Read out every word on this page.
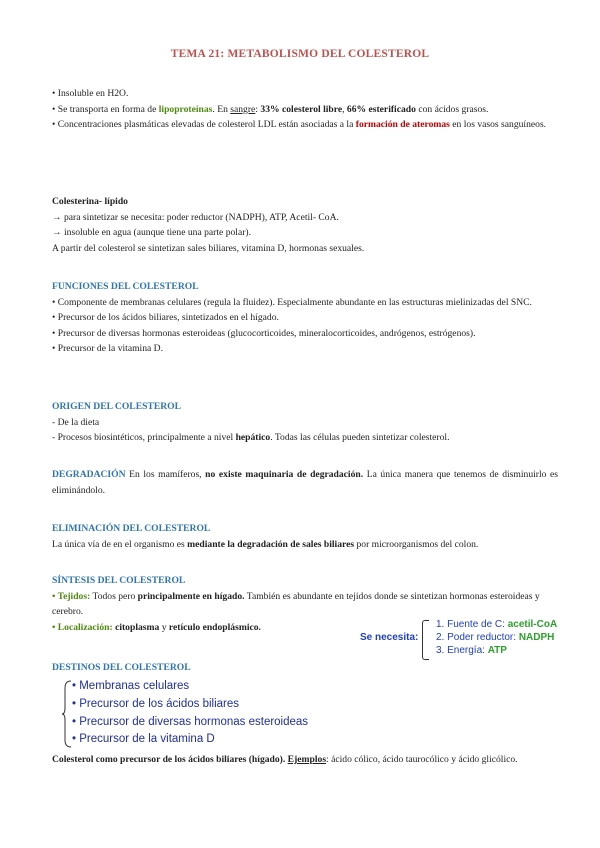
TEMA 21: METABOLISMO DEL COLESTEROL

• Insoluble en H2O.

• Se transporta en forma de lipoproteínas. En sangre: 33% colesterol libre, 66% esterificado con ácidos grasos.

• Concentraciones plasmáticas elevadas de colesterol LDL están asociadas a la formación de ateromas en los vasos sanguíneos.

Colesterina- lípido

→ para sintetizar se necesita: poder reductor (NADPH), ATP, Acetil- CoA.

→ insoluble en agua (aunque tiene una parte polar).

A partir del colesterol se sintetizan sales biliares, vitamina D, hormonas sexuales.

FUNCIONES DEL COLESTEROL

• Componente de membranas celulares (regula la fluidez). Especialmente abundante en las estructuras mielinizadas del SNC.

• Precursor de los ácidos biliares, sintetizados en el hígado.

• Precursor de diversas hormonas esteroideas (glucocorticoides, mineralocorticoides, andrógenos, estrógenos).

• Precursor de la vitamina D.

ORIGEN DEL COLESTEROL

- De la dieta

- Procesos biosintéticos, principalmente a nivel hepático. Todas las células pueden sintetizar colesterol.

DEGRADACIÓN En los mamíferos, no existe maquinaria de degradación. La única manera que tenemos de disminuirlo es eliminándolo.

ELIMINACIÓN DEL COLESTEROL

La única vía de en el organismo es mediante la degradación de sales biliares por microorganismos del colon.

SÍNTESIS DEL COLESTEROL

• Tejidos: Todos pero principalmente en hígado. También es abundante en tejidos donde se sintetizan hormonas esteroideas y cerebro.

• Localización: citoplasma y retículo endoplásmico.

Se necesita:
1. Fuente de C: acetil-CoA
2. Poder reductor: NADPH
3. Energía: ATP

DESTINOS DEL COLESTEROL

• Membranas celulares
• Precursor de los ácidos biliares
• Precursor de diversas hormonas esteroideas
• Precursor de la vitamina D

Colesterol como precursor de los ácidos biliares (hígado). Ejemplos: ácido cólico, ácido taurocólico y ácido glicólico.
